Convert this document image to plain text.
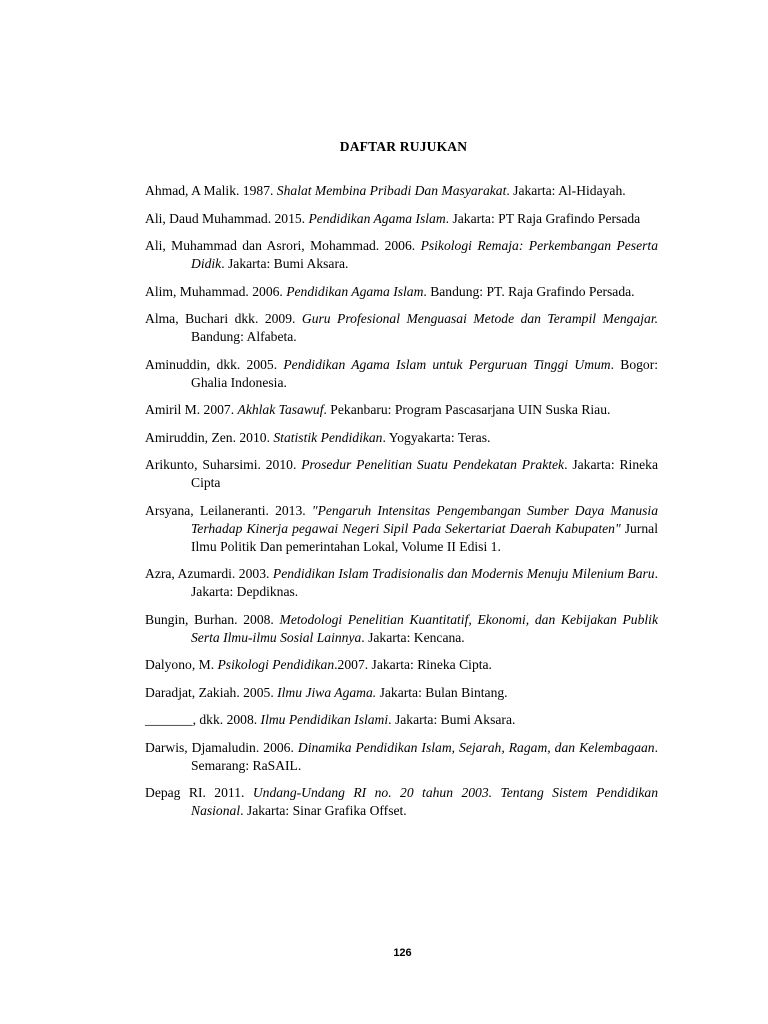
DAFTAR RUJUKAN

Ahmad, A Malik. 1987. Shalat Membina Pribadi Dan Masyarakat. Jakarta: Al-Hidayah.

Ali, Daud Muhammad. 2015. Pendidikan Agama Islam. Jakarta: PT Raja Grafindo Persada

Ali, Muhammad dan Asrori, Mohammad. 2006. Psikologi Remaja: Perkembangan Peserta Didik. Jakarta: Bumi Aksara.

Alim, Muhammad. 2006. Pendidikan Agama Islam. Bandung: PT. Raja Grafindo Persada.

Alma, Buchari dkk. 2009. Guru Profesional Menguasai Metode dan Terampil Mengajar. Bandung: Alfabeta.

Aminuddin, dkk. 2005. Pendidikan Agama Islam untuk Perguruan Tinggi Umum. Bogor: Ghalia Indonesia.

Amiril M. 2007. Akhlak Tasawuf. Pekanbaru: Program Pascasarjana UIN Suska Riau.

Amiruddin, Zen. 2010. Statistik Pendidikan. Yogyakarta: Teras.

Arikunto, Suharsimi. 2010. Prosedur Penelitian Suatu Pendekatan Praktek. Jakarta: Rineka Cipta

Arsyana, Leilaneranti. 2013. "Pengaruh Intensitas Pengembangan Sumber Daya Manusia Terhadap Kinerja pegawai Negeri Sipil Pada Sekertariat Daerah Kabupaten" Jurnal Ilmu Politik Dan pemerintahan Lokal, Volume II Edisi 1.

Azra, Azumardi. 2003. Pendidikan Islam Tradisionalis dan Modernis Menuju Milenium Baru. Jakarta: Depdiknas.

Bungin, Burhan. 2008. Metodologi Penelitian Kuantitatif, Ekonomi, dan Kebijakan Publik Serta Ilmu-ilmu Sosial Lainnya. Jakarta: Kencana.

Dalyono, M. Psikologi Pendidikan.2007. Jakarta: Rineka Cipta.

Daradjat, Zakiah. 2005. Ilmu Jiwa Agama. Jakarta: Bulan Bintang.

_______, dkk. 2008. Ilmu Pendidikan Islami. Jakarta: Bumi Aksara.

Darwis, Djamaludin. 2006. Dinamika Pendidikan Islam, Sejarah, Ragam, dan Kelembagaan. Semarang: RaSAIL.

Depag RI. 2011. Undang-Undang RI no. 20 tahun 2003. Tentang Sistem Pendidikan Nasional. Jakarta: Sinar Grafika Offset.

126
